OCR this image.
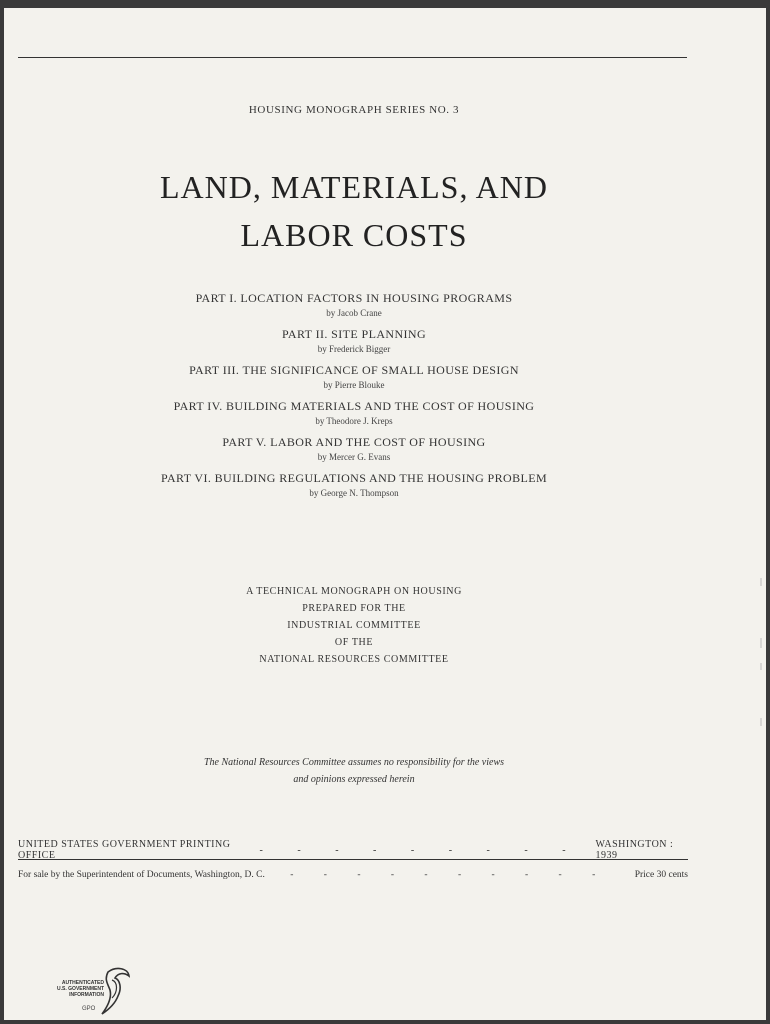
HOUSING MONOGRAPH SERIES NO. 3
LAND, MATERIALS, AND
LABOR COSTS
PART I. LOCATION FACTORS IN HOUSING PROGRAMS
by Jacob Crane
PART II. SITE PLANNING
by Frederick Bigger
PART III. THE SIGNIFICANCE OF SMALL HOUSE DESIGN
by Pierre Blouke
PART IV. BUILDING MATERIALS AND THE COST OF HOUSING
by Theodore J. Kreps
PART V. LABOR AND THE COST OF HOUSING
by Mercer G. Evans
PART VI. BUILDING REGULATIONS AND THE HOUSING PROBLEM
by George N. Thompson
A TECHNICAL MONOGRAPH ON HOUSING
PREPARED FOR THE
INDUSTRIAL COMMITTEE
OF THE
NATIONAL RESOURCES COMMITTEE
The National Resources Committee assumes no responsibility for the views
and opinions expressed herein
UNITED STATES GOVERNMENT PRINTING OFFICE	- - - - - - - - - WASHINGTON : 1939
For sale by the Superintendent of Documents, Washington, D. C.	- - - - - - - - - -	Price 30 cents
AUTHENTICATED
U.S. GOVERNMENT
INFORMATION
GPO
